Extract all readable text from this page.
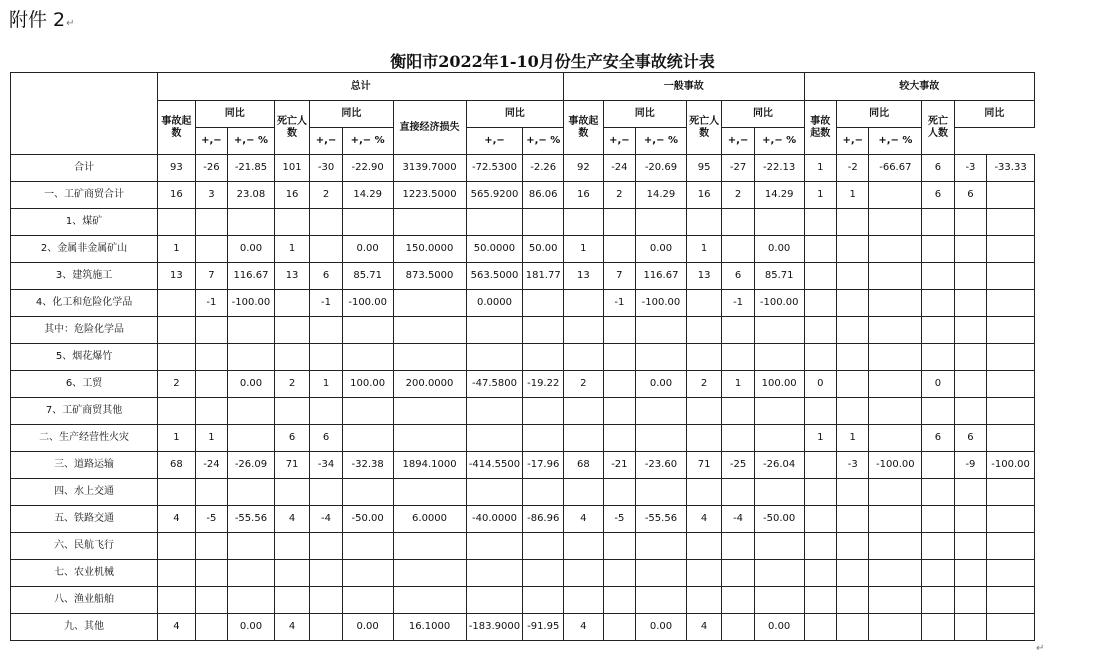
附件 2↵
衡阳市2022年1-10月份生产安全事故统计表
	总计									一般事故						较大事故					
	事故起数	同比		死亡人数	同比		直接经济损失	同比		事故起数	同比		死亡人数	同比		事故起数	同比		死亡人数	同比	
		+,−	+,− %		+,−	+,− %		+,−	+,− %		+,−	+,− %		+,−	+,− %		+,−	+,− %			
合计	93	-26	-21.85	101	-30	-22.90	3139.7000	-72.5300	-2.26	92	-24	-20.69	95	-27	-22.13	1	-2	-66.67	6	-3	-33.33
一、工矿商贸合计	16	3	23.08	16	2	14.29	1223.5000	565.9200	86.06	16	2	14.29	16	2	14.29	1	1		6	6	
1、煤矿																					
2、金属非金属矿山	1		0.00	1		0.00	150.0000	50.0000	50.00	1		0.00	1		0.00						
3、建筑施工	13	7	116.67	13	6	85.71	873.5000	563.5000	181.77	13	7	116.67	13	6	85.71						
4、化工和危险化学品		-1	-100.00		-1	-100.00		0.0000			-1	-100.00		-1	-100.00						
其中：危险化学品																					
5、烟花爆竹																					
6、工贸	2		0.00	2	1	100.00	200.0000	-47.5800	-19.22	2		0.00	2	1	100.00	0			0		
7、工矿商贸其他																					
二、生产经营性火灾	1	1		6	6											1	1		6	6	
三、道路运输	68	-24	-26.09	71	-34	-32.38	1894.1000	-414.5500	-17.96	68	-21	-23.60	71	-25	-26.04		-3	-100.00		-9	-100.00
四、水上交通																					
五、铁路交通	4	-5	-55.56	4	-4	-50.00	6.0000	-40.0000	-86.96	4	-5	-55.56	4	-4	-50.00						
六、民航飞行																					
七、农业机械																					
八、渔业船舶																					
九、其他	4		0.00	4		0.00	16.1000	-183.9000	-91.95	4		0.00	4		0.00						
↵
